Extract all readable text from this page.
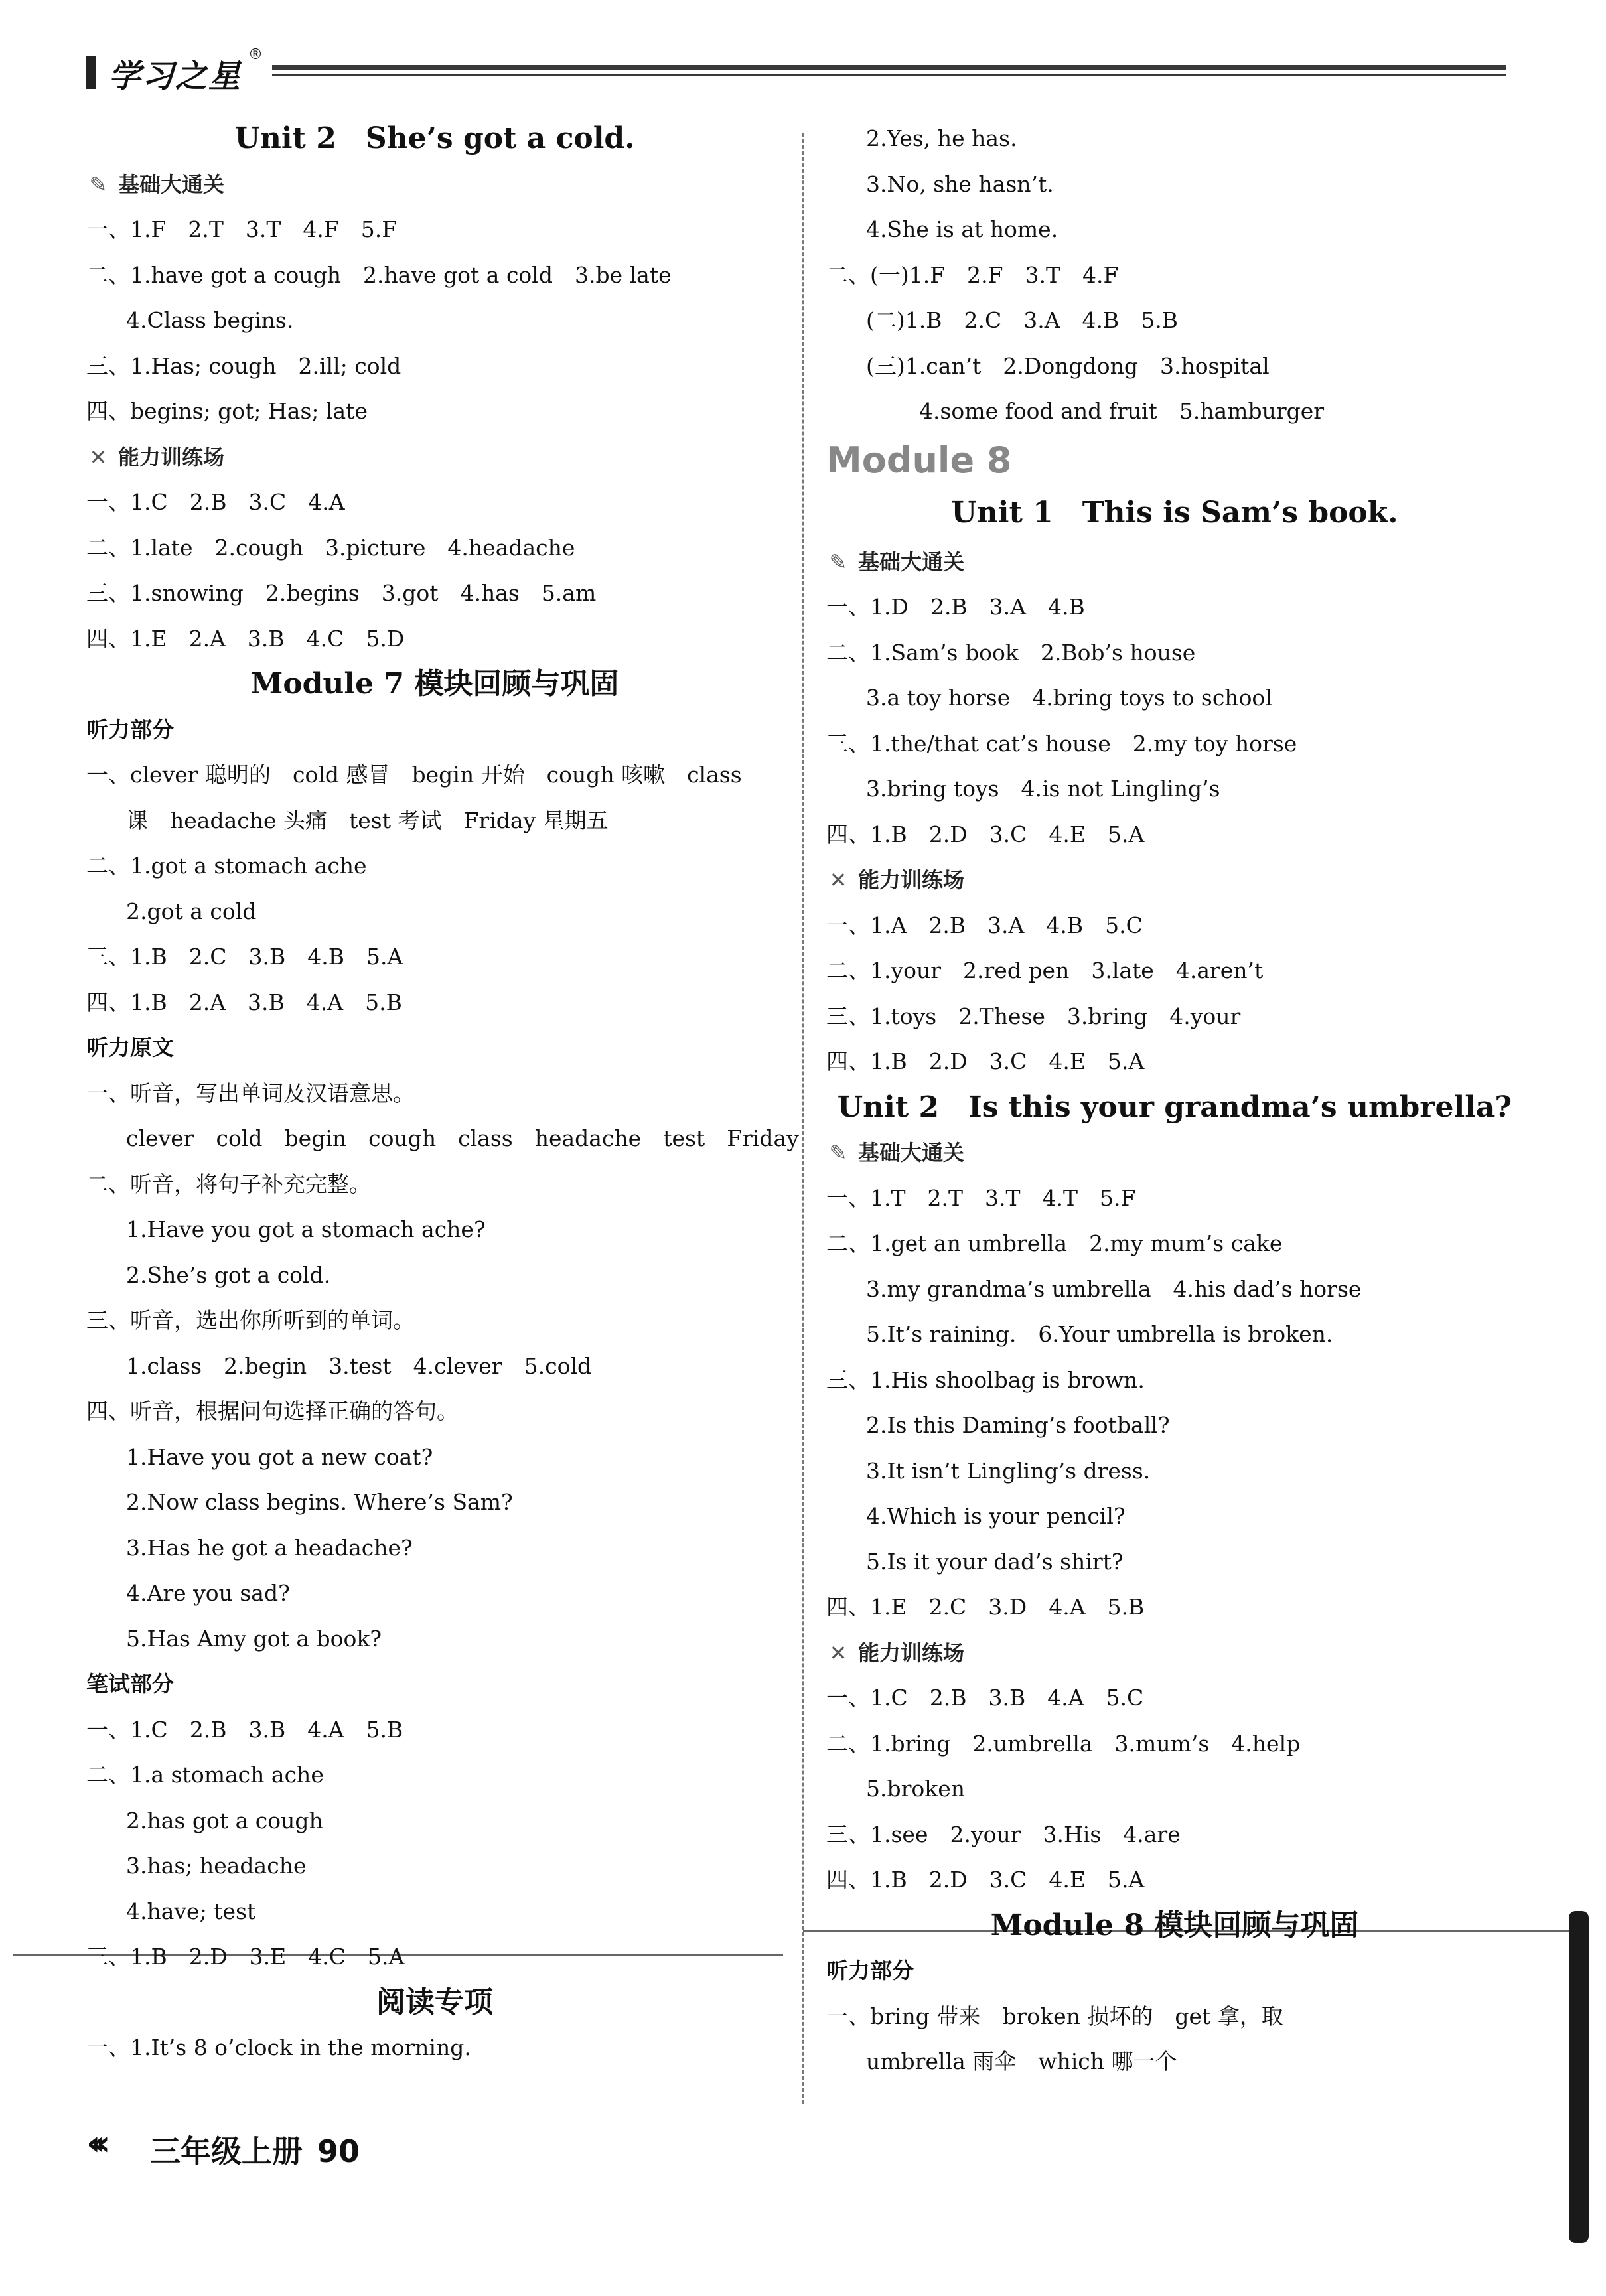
学习之星
®
Unit 2　She’s got a cold.
✎ 基础大通关
一、1.F　2.T　3.T　4.F　5.F
二、1.have got a cough　2.have got a cold　3.be late
4.Class begins.
三、1.Has; cough　2.ill; cold
四、begins; got; Has; late
✕ 能力训练场
一、1.C　2.B　3.C　4.A
二、1.late　2.cough　3.picture　4.headache
三、1.snowing　2.begins　3.got　4.has　5.am
四、1.E　2.A　3.B　4.C　5.D
Module 7 模块回顾与巩固
听力部分
一、clever 聪明的　cold 感冒　begin 开始　cough 咳嗽　class
课　headache 头痛　test 考试　Friday 星期五
二、1.got a stomach ache
2.got a cold
三、1.B　2.C　3.B　4.B　5.A
四、1.B　2.A　3.B　4.A　5.B
听力原文
一、听音，写出单词及汉语意思。
clever　cold　begin　cough　class　headache　test　Friday
二、听音，将句子补充完整。
1.Have you got a stomach ache?
2.She’s got a cold.
三、听音，选出你所听到的单词。
1.class　2.begin　3.test　4.clever　5.cold
四、听音，根据问句选择正确的答句。
1.Have you got a new coat?
2.Now class begins. Where’s Sam?
3.Has he got a headache?
4.Are you sad?
5.Has Amy got a book?
笔试部分
一、1.C　2.B　3.B　4.A　5.B
二、1.a stomach ache
2.has got a cough
3.has; headache
4.have; test
三、1.B　2.D　3.E　4.C　5.A
阅读专项
一、1.It’s 8 o’clock in the morning.
2.Yes, he has.
3.No, she hasn’t.
4.She is at home.
二、(一)1.F　2.F　3.T　4.F
(二)1.B　2.C　3.A　4.B　5.B
(三)1.can’t　2.Dongdong　3.hospital
4.some food and fruit　5.hamburger
Module 8
Unit 1　This is Sam’s book.
✎ 基础大通关
一、1.D　2.B　3.A　4.B
二、1.Sam’s book　2.Bob’s house
3.a toy horse　4.bring toys to school
三、1.the/that cat’s house　2.my toy horse
3.bring toys　4.is not Lingling’s
四、1.B　2.D　3.C　4.E　5.A
✕ 能力训练场
一、1.A　2.B　3.A　4.B　5.C
二、1.your　2.red pen　3.late　4.aren’t
三、1.toys　2.These　3.bring　4.your
四、1.B　2.D　3.C　4.E　5.A
Unit 2　Is this your grandma’s umbrella?
✎ 基础大通关
一、1.T　2.T　3.T　4.T　5.F
二、1.get an umbrella　2.my mum’s cake
3.my grandma’s umbrella　4.his dad’s horse
5.It’s raining.　6.Your umbrella is broken.
三、1.His shoolbag is brown.
2.Is this Daming’s football?
3.It isn’t Lingling’s dress.
4.Which is your pencil?
5.Is it your dad’s shirt?
四、1.E　2.C　3.D　4.A　5.B
✕ 能力训练场
一、1.C　2.B　3.B　4.A　5.C
二、1.bring　2.umbrella　3.mum’s　4.help
5.broken
三、1.see　2.your　3.His　4.are
四、1.B　2.D　3.C　4.E　5.A
Module 8 模块回顾与巩固
听力部分
一、bring 带来　broken 损坏的　get 拿，取
umbrella 雨伞　which 哪一个
‹‹‹ 三年级上册 90
